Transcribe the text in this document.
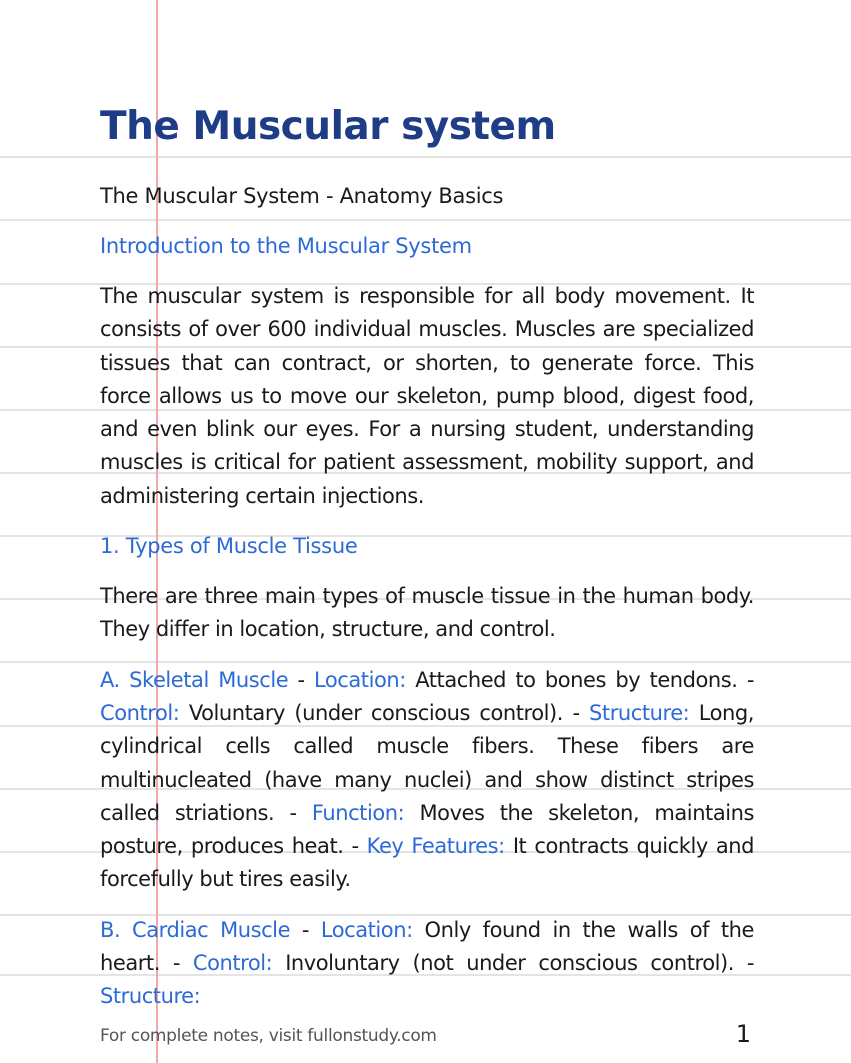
The Muscular system

The Muscular System - Anatomy Basics

Introduction to the Muscular System

The muscular system is responsible for all body movement. It consists of over 600 individual muscles. Muscles are specialized tissues that can contract, or shorten, to generate force. This force allows us to move our skeleton, pump blood, digest food, and even blink our eyes. For a nursing student, understanding muscles is critical for patient assessment, mobility support, and administering certain injections.

1. Types of Muscle Tissue

There are three main types of muscle tissue in the human body. They differ in location, structure, and control.

A. Skeletal Muscle - Location: Attached to bones by tendons. - Control: Voluntary (under conscious control). - Structure: Long, cylindrical cells called muscle fibers. These fibers are multinucleated (have many nuclei) and show distinct stripes called striations. - Function: Moves the skeleton, maintains posture, produces heat. - Key Features: It contracts quickly and forcefully but tires easily.

B. Cardiac Muscle - Location: Only found in the walls of the heart. - Control: Involuntary (not under conscious control). - Structure:

For complete notes, visit fullonstudy.com	1
